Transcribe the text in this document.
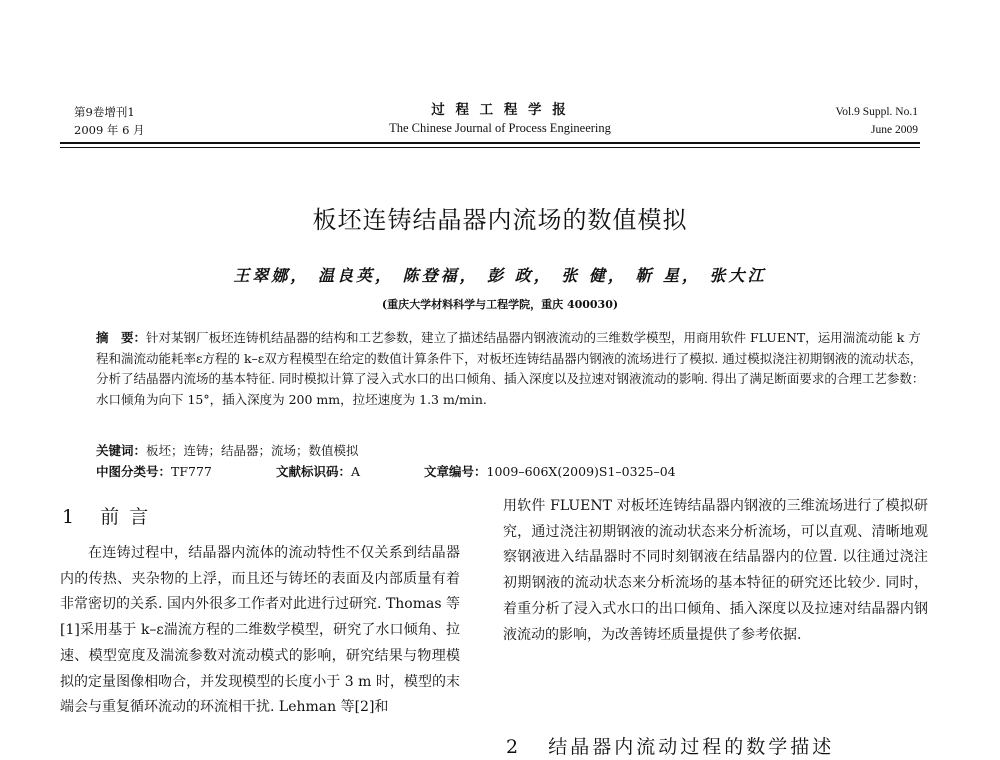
第9卷增刊1
2009 年 6 月
过 程 工 程 学 报
The Chinese Journal of Process Engineering
Vol.9 Suppl. No.1
June 2009
板坯连铸结晶器内流场的数值模拟
王翠娜， 温良英， 陈登福， 彭 政， 张 健， 靳 星， 张大江
(重庆大学材料科学与工程学院，重庆 400030)
摘　要：针对某钢厂板坯连铸机结晶器的结构和工艺参数，建立了描述结晶器内钢液流动的三维数学模型，用商用软件 FLUENT，运用湍流动能 k 方程和湍流动能耗率ε方程的 k–ε双方程模型在给定的数值计算条件下，对板坯连铸结晶器内钢液的流场进行了模拟. 通过模拟浇注初期钢液的流动状态，分析了结晶器内流场的基本特征. 同时模拟计算了浸入式水口的出口倾角、插入深度以及拉速对钢液流动的影响. 得出了满足断面要求的合理工艺参数：水口倾角为向下 15°，插入深度为 200 mm，拉坯速度为 1.3 m/min.
关键词：板坯；连铸；结晶器；流场；数值模拟
中图分类号：TF777	文献标识码：A	文章编号：1009–606X(2009)S1–0325–04
1 前 言
在连铸过程中，结晶器内流体的流动特性不仅关系到结晶器内的传热、夹杂物的上浮，而且还与铸坯的表面及内部质量有着非常密切的关系. 国内外很多工作者对此进行过研究. Thomas 等[1]采用基于 k–ε湍流方程的二维数学模型，研究了水口倾角、拉速、模型宽度及湍流参数对流动模式的影响，研究结果与物理模拟的定量图像相吻合，并发现模型的长度小于 3 m 时，模型的末端会与重复循环流动的环流相干扰. Lehman 等[2]和
用软件 FLUENT 对板坯连铸结晶器内钢液的三维流场进行了模拟研究，通过浇注初期钢液的流动状态来分析流场，可以直观、清晰地观察钢液进入结晶器时不同时刻钢液在结晶器内的位置. 以往通过浇注初期钢液的流动状态来分析流场的基本特征的研究还比较少. 同时，着重分析了浸入式水口的出口倾角、插入深度以及拉速对结晶器内钢液流动的影响，为改善铸坯质量提供了参考依据.
2 结晶器内流动过程的数学描述
